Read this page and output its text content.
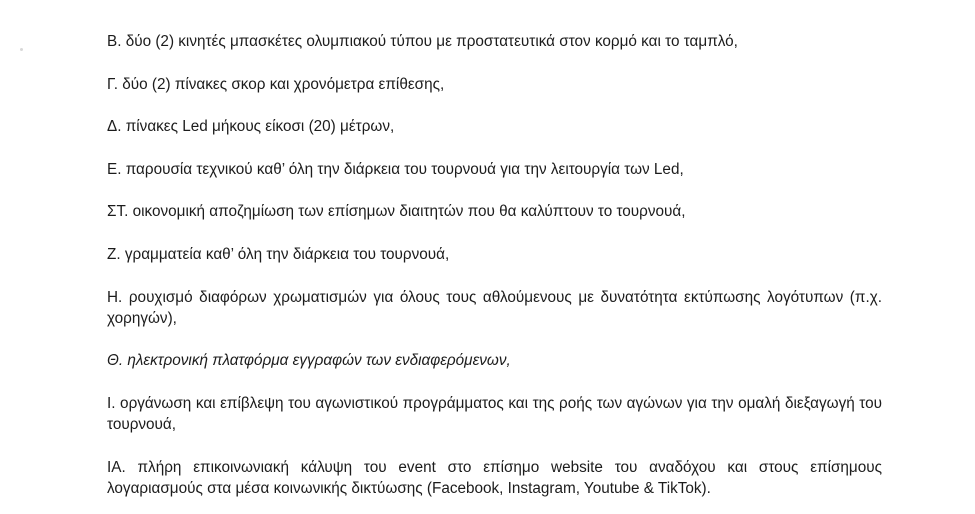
Β. δύο (2) κινητές μπασκέτες ολυμπιακού τύπου με προστατευτικά στον κορμό και το ταμπλό,

Γ. δύο (2) πίνακες σκορ και χρονόμετρα επίθεσης,

Δ. πίνακες Led μήκους είκοσι (20) μέτρων,

Ε. παρουσία τεχνικού καθ’ όλη την διάρκεια του τουρνουά για την λειτουργία των Led,

ΣΤ. οικονομική αποζημίωση των επίσημων διαιτητών που θα καλύπτουν το τουρνουά,

Ζ. γραμματεία καθ’ όλη την διάρκεια του τουρνουά,

Η. ρουχισμό διαφόρων χρωματισμών για όλους τους αθλούμενους με δυνατότητα εκτύπωσης λογότυπων (π.χ. χορηγών),

Θ. ηλεκτρονική πλατφόρμα εγγραφών των ενδιαφερόμενων,

Ι. οργάνωση και επίβλεψη του αγωνιστικού προγράμματος και της ροής των αγώνων για την ομαλή διεξαγωγή του τουρνουά,

ΙΑ. πλήρη επικοινωνιακή κάλυψη του event στο επίσημο website του αναδόχου και στους επίσημους λογαριασμούς στα μέσα κοινωνικής δικτύωσης (Facebook, Instagram, Youtube & TikTok).
